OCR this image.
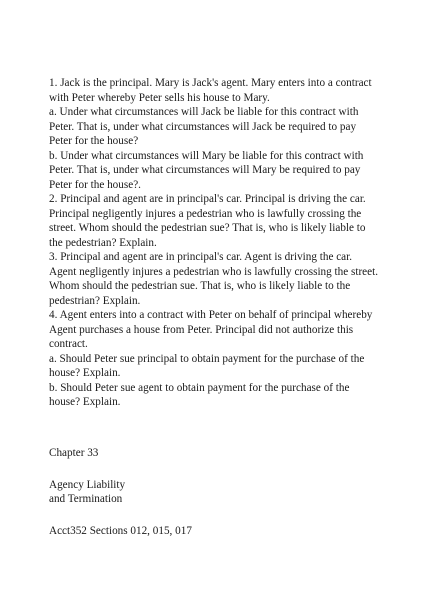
1. Jack is the principal. Mary is Jack's agent. Mary enters into a contract with Peter whereby Peter sells his house to Mary.
a. Under what circumstances will Jack be liable for this contract with Peter. That is, under what circumstances will Jack be required to pay Peter for the house?
b. Under what circumstances will Mary be liable for this contract with Peter. That is, under what circumstances will Mary be required to pay Peter for the house?.
2. Principal and agent are in principal's car. Principal is driving the car. Principal negligently injures a pedestrian who is lawfully crossing the street. Whom should the pedestrian sue? That is, who is likely liable to the pedestrian? Explain.
3. Principal and agent are in principal's car. Agent is driving the car. Agent negligently injures a pedestrian who is lawfully crossing the street. Whom should the pedestrian sue. That is, who is likely liable to the pedestrian? Explain.
4. Agent enters into a contract with Peter on behalf of principal whereby Agent purchases a house from Peter. Principal did not authorize this contract.
a. Should Peter sue principal to obtain payment for the purchase of the house? Explain.
b. Should Peter sue agent to obtain payment for the purchase of the house? Explain.

Chapter 33

Agency Liability
and Termination

Acct352 Sections 012, 015, 017
